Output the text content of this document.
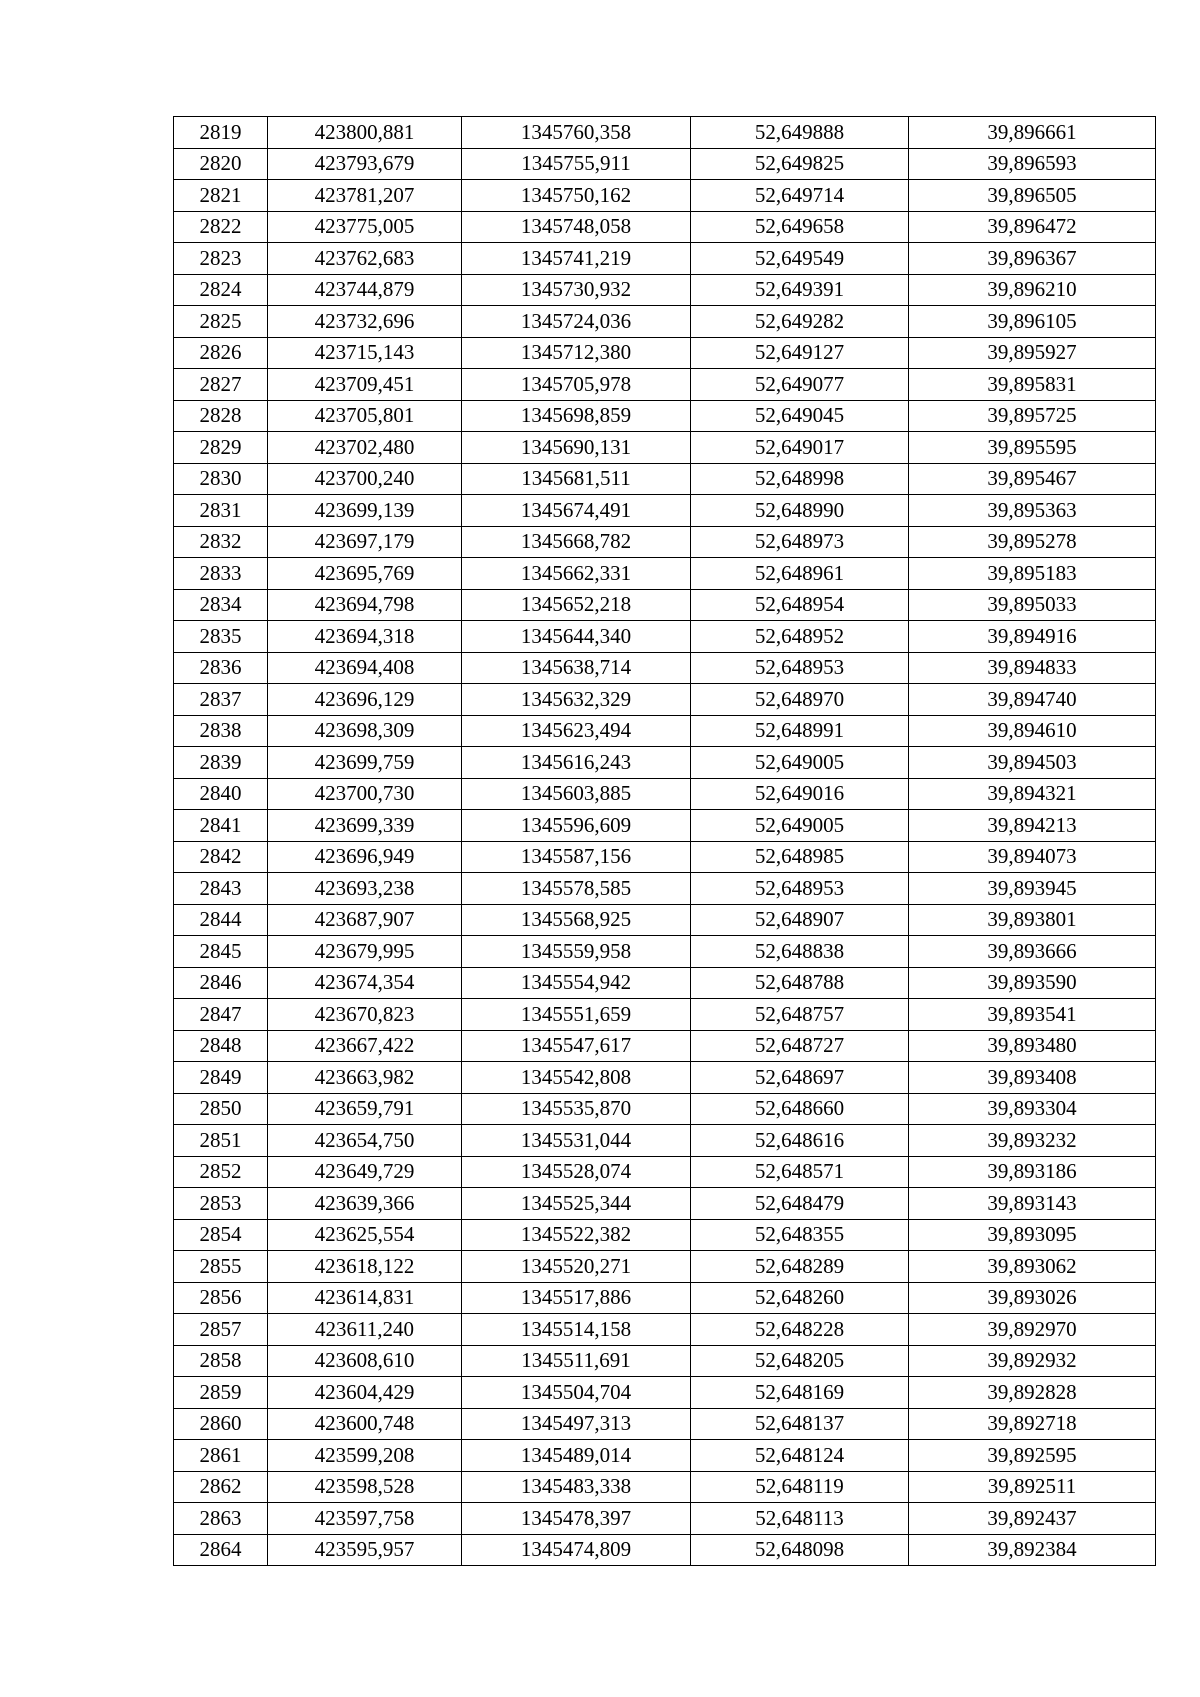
2819	423800,881	1345760,358	52,649888	39,896661
2820	423793,679	1345755,911	52,649825	39,896593
2821	423781,207	1345750,162	52,649714	39,896505
2822	423775,005	1345748,058	52,649658	39,896472
2823	423762,683	1345741,219	52,649549	39,896367
2824	423744,879	1345730,932	52,649391	39,896210
2825	423732,696	1345724,036	52,649282	39,896105
2826	423715,143	1345712,380	52,649127	39,895927
2827	423709,451	1345705,978	52,649077	39,895831
2828	423705,801	1345698,859	52,649045	39,895725
2829	423702,480	1345690,131	52,649017	39,895595
2830	423700,240	1345681,511	52,648998	39,895467
2831	423699,139	1345674,491	52,648990	39,895363
2832	423697,179	1345668,782	52,648973	39,895278
2833	423695,769	1345662,331	52,648961	39,895183
2834	423694,798	1345652,218	52,648954	39,895033
2835	423694,318	1345644,340	52,648952	39,894916
2836	423694,408	1345638,714	52,648953	39,894833
2837	423696,129	1345632,329	52,648970	39,894740
2838	423698,309	1345623,494	52,648991	39,894610
2839	423699,759	1345616,243	52,649005	39,894503
2840	423700,730	1345603,885	52,649016	39,894321
2841	423699,339	1345596,609	52,649005	39,894213
2842	423696,949	1345587,156	52,648985	39,894073
2843	423693,238	1345578,585	52,648953	39,893945
2844	423687,907	1345568,925	52,648907	39,893801
2845	423679,995	1345559,958	52,648838	39,893666
2846	423674,354	1345554,942	52,648788	39,893590
2847	423670,823	1345551,659	52,648757	39,893541
2848	423667,422	1345547,617	52,648727	39,893480
2849	423663,982	1345542,808	52,648697	39,893408
2850	423659,791	1345535,870	52,648660	39,893304
2851	423654,750	1345531,044	52,648616	39,893232
2852	423649,729	1345528,074	52,648571	39,893186
2853	423639,366	1345525,344	52,648479	39,893143
2854	423625,554	1345522,382	52,648355	39,893095
2855	423618,122	1345520,271	52,648289	39,893062
2856	423614,831	1345517,886	52,648260	39,893026
2857	423611,240	1345514,158	52,648228	39,892970
2858	423608,610	1345511,691	52,648205	39,892932
2859	423604,429	1345504,704	52,648169	39,892828
2860	423600,748	1345497,313	52,648137	39,892718
2861	423599,208	1345489,014	52,648124	39,892595
2862	423598,528	1345483,338	52,648119	39,892511
2863	423597,758	1345478,397	52,648113	39,892437
2864	423595,957	1345474,809	52,648098	39,892384
